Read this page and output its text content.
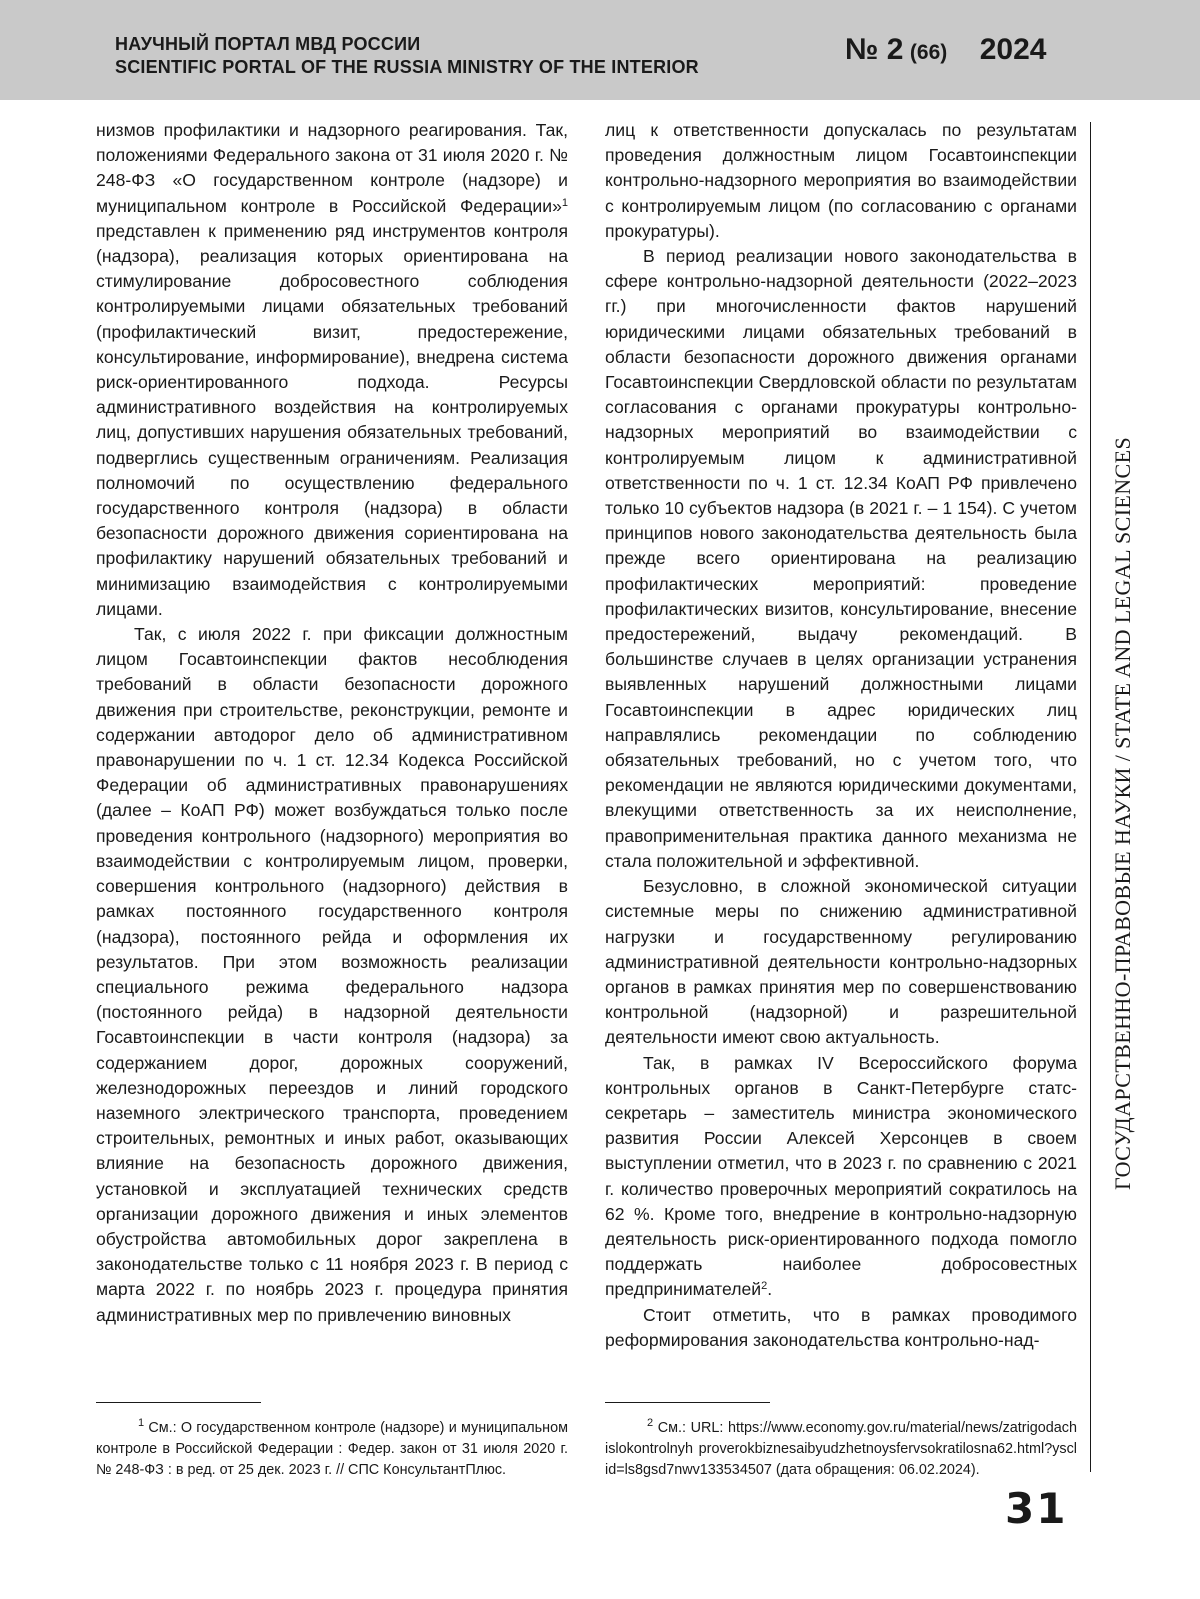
НАУЧНЫЙ ПОРТАЛ МВД РОССИИ
SCIENTIFIC PORTAL OF THE RUSSIA MINISTRY OF THE INTERIOR
№ 2 (66) 2024

низмов профилактики и надзорного реагирования. Так, положениями Федерального закона от 31 июля 2020 г. № 248-ФЗ «О государственном контроле (надзоре) и муниципальном контроле в Российской Федерации»$^1$ представлен к применению ряд инструментов контроля (надзора), реализация которых ориентирована на стимулирование добросовестного соблюдения контролируемыми лицами обязательных требований (профилактический визит, предостережение, консультирование, информирование), внедрена система риск-ориентированного подхода. Ресурсы административного воздействия на контролируемых лиц, допустивших нарушения обязательных требований, подверглись существенным ограничениям. Реализация полномочий по осуществлению федерального государственного контроля (надзора) в области безопасности дорожного движения сориентирована на профилактику нарушений обязательных требований и минимизацию взаимодействия с контролируемыми лицами.

Так, с июля 2022 г. при фиксации должностным лицом Госавтоинспекции фактов несоблюдения требований в области безопасности дорожного движения при строительстве, реконструкции, ремонте и содержании автодорог дело об административном правонарушении по ч. 1 ст. 12.34 Кодекса Российской Федерации об административных правонарушениях (далее – КоАП РФ) может возбуждаться только после проведения контрольного (надзорного) мероприятия во взаимодействии с контролируемым лицом, проверки, совершения контрольного (надзорного) действия в рамках постоянного государственного контроля (надзора), постоянного рейда и оформления их результатов. При этом возможность реализации специального режима федерального надзора (постоянного рейда) в надзорной деятельности Госавтоинспекции в части контроля (надзора) за содержанием дорог, дорожных сооружений, железнодорожных переездов и линий городского наземного электрического транспорта, проведением строительных, ремонтных и иных работ, оказывающих влияние на безопасность дорожного движения, установкой и эксплуатацией технических средств организации дорожного движения и иных элементов обустройства автомобильных дорог закреплена в законодательстве только с 11 ноября 2023 г. В период с марта 2022 г. по ноябрь 2023 г. процедура принятия административных мер по привлечению виновных

лиц к ответственности допускалась по результатам проведения должностным лицом Госавтоинспекции контрольно-надзорного мероприятия во взаимодействии с контролируемым лицом (по согласованию с органами прокуратуры).

В период реализации нового законодательства в сфере контрольно-надзорной деятельности (2022–2023 гг.) при многочисленности фактов нарушений юридическими лицами обязательных требований в области безопасности дорожного движения органами Госавтоинспекции Свердловской области по результатам согласования с органами прокуратуры контрольно-надзорных мероприятий во взаимодействии с контролируемым лицом к административной ответственности по ч. 1 ст. 12.34 КоАП РФ привлечено только 10 субъектов надзора (в 2021 г. – 1 154). С учетом принципов нового законодательства деятельность была прежде всего ориентирована на реализацию профилактических мероприятий: проведение профилактических визитов, консультирование, внесение предостережений, выдачу рекомендаций. В большинстве случаев в целях организации устранения выявленных нарушений должностными лицами Госавтоинспекции в адрес юридических лиц направлялись рекомендации по соблюдению обязательных требований, но с учетом того, что рекомендации не являются юридическими документами, влекущими ответственность за их неисполнение, правоприменительная практика данного механизма не стала положительной и эффективной.

Безусловно, в сложной экономической ситуации системные меры по снижению административной нагрузки и государственному регулированию административной деятельности контрольно-надзорных органов в рамках принятия мер по совершенствованию контрольной (надзорной) и разрешительной деятельности имеют свою актуальность.

Так, в рамках IV Всероссийского форума контрольных органов в Санкт-Петербурге статс-секретарь – заместитель министра экономического развития России Алексей Херсонцев в своем выступлении отметил, что в 2023 г. по сравнению с 2021 г. количество проверочных мероприятий сократилось на 62 %. Кроме того, внедрение в контрольно-надзорную деятельность риск-ориентированного подхода помогло поддержать наиболее добросовестных предпринимателей$^2$.

Стоит отметить, что в рамках проводимого реформирования законодательства контрольно-над-

$^1$ См.: О государственном контроле (надзоре) и муниципальном контроле в Российской Федерации : Федер. закон от 31 июля 2020 г. № 248-ФЗ : в ред. от 25 дек. 2023 г. // СПС КонсультантПлюс.

$^2$ См.: URL: https://www.economy.gov.ru/material/news/zatrigodachislokontrolnyh proverokbiznesaibyudzhetnoysfervsokratilosna62.html?ysclid=ls8gsd7nwv133534507 (дата обращения: 06.02.2024).

ГОСУДАРСТВЕННО-ПРАВОВЫЕ НАУКИ / STATE AND LEGAL SCIENCES
31
